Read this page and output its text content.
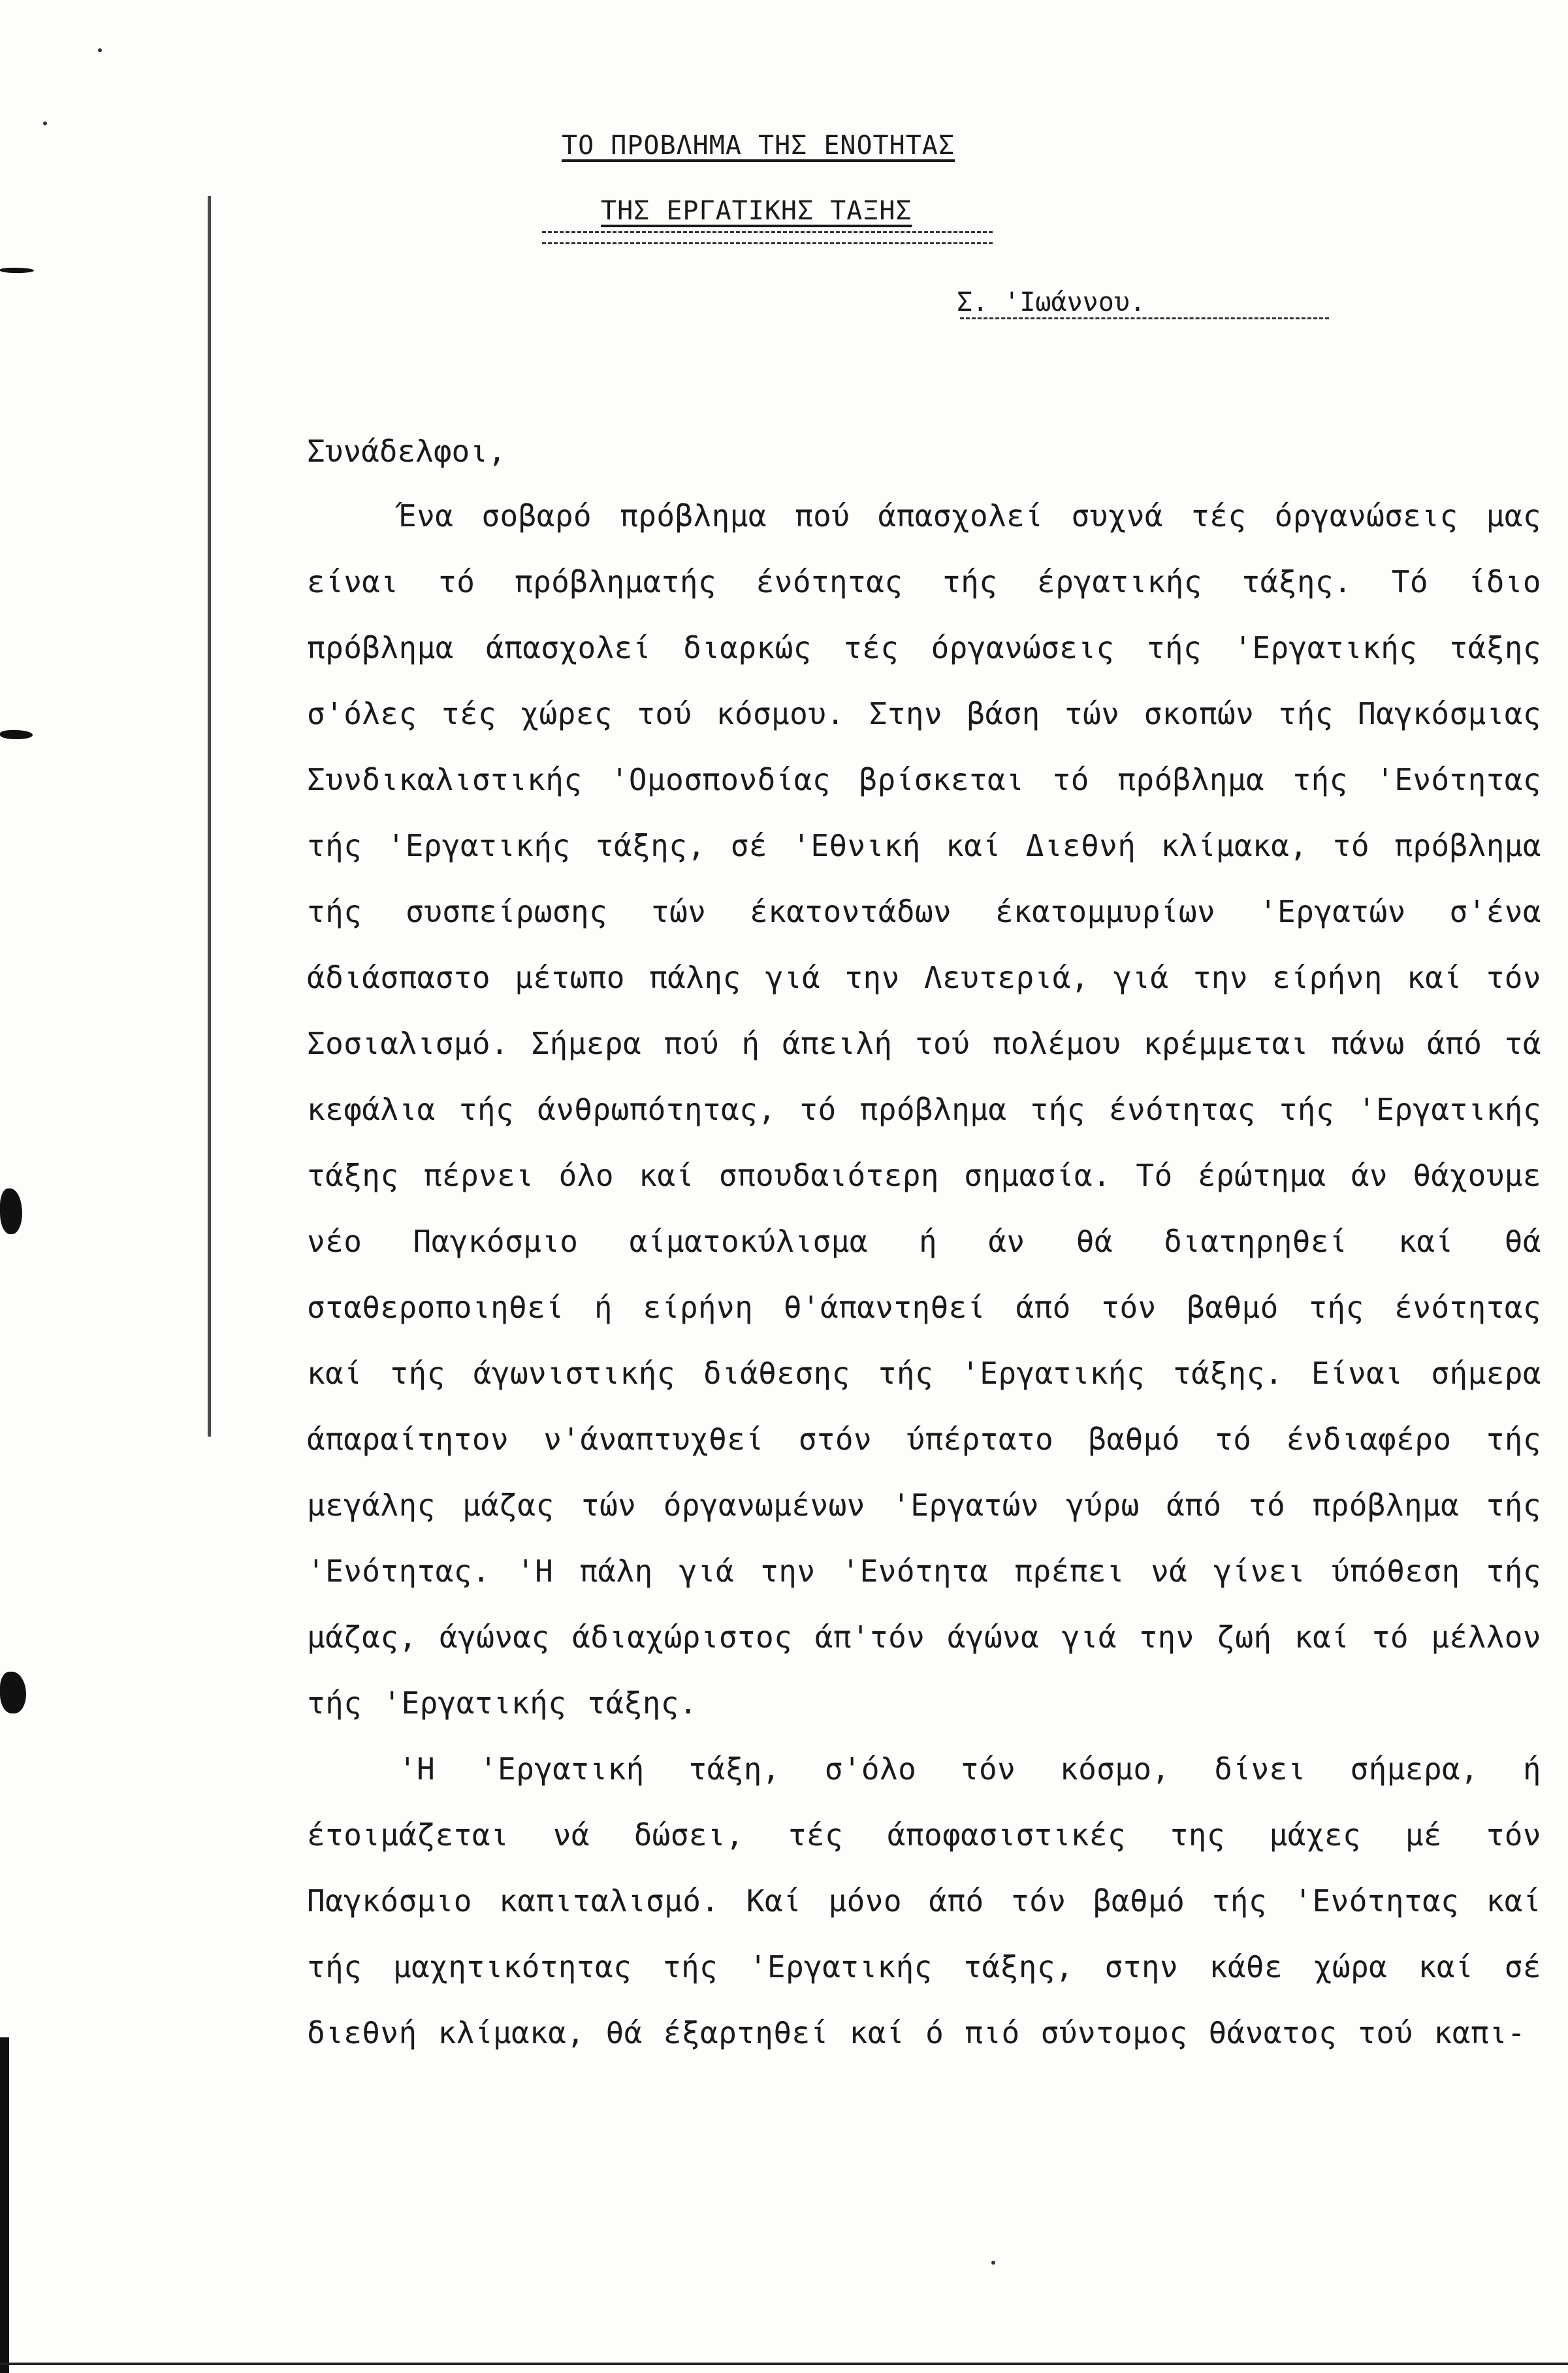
ΤΟ ΠΡΟΒΛΗΜΑ ΤΗΣ ΕΝΟΤΗΤΑΣ
ΤΗΣ ΕΡΓΑΤΙΚΗΣ ΤΑΞΗΣ
Σ. 'Ιωάννου.
Συνάδελφοι,

Ένα σοβαρό πρόβλημα πού άπασχολεί συχνά τές όργανώσεις μας είναι τό πρόβληματής ένότητας τής έργατικής τάξης. Τό ίδιο πρόβλημα άπασχολεί διαρκώς τές όργανώσεις τής 'Εργατικής τάξης σ'όλες τές χώρες τού κόσμου. Στην βάση τών σκοπών τής Παγκόσμιας Συνδικαλιστικής 'Ομοσπονδίας βρίσκεται τό πρόβλημα τής 'Ενότητας τής 'Εργατικής τάξης, σέ 'Εθνική καί Διεθνή κλίμακα, τό πρόβλημα τής συσπείρωσης τών έκατοντάδων έκατομμυρίων 'Εργατών σ'ένα άδιάσπαστο μέτωπο πάλης γιά την Λευτεριά, γιά την είρήνη καί τόν Σοσιαλισμό. Σήμερα πού ή άπειλή τού πολέμου κρέμμεται πάνω άπό τά κεφάλια τής άνθρωπότητας, τό πρόβλημα τής ένότητας τής 'Εργατικής τάξης πέρνει όλο καί σπουδαιότερη σημασία. Τό έρώτημα άν θάχουμε νέο Παγκόσμιο αίματοκύλισμα ή άν θά διατηρηθεί καί θά σταθεροποιηθεί ή είρήνη θ'άπαντηθεί άπό τόν βαθμό τής ένότητας καί τής άγωνιστικής διάθεσης τής 'Εργατικής τάξης. Είναι σήμερα άπαραίτητον ν'άναπτυχθεί στόν ύπέρτατο βαθμό τό ένδιαφέρο τής μεγάλης μάζας τών όργανωμένων 'Εργατών γύρω άπό τό πρόβλημα τής 'Ενότητας. 'Η πάλη γιά την 'Ενότητα πρέπει νά γίνει ύπόθεση τής μάζας, άγώνας άδιαχώριστος άπ'τόν άγώνα γιά την ζωή καί τό μέλλον τής 'Εργατικής τάξης.

'Η 'Εργατική τάξη, σ'όλο τόν κόσμο, δίνει σήμερα, ή έτοιμάζεται νά δώσει, τές άποφασιστικές της μάχες μέ τόν Παγκόσμιο καπιταλισμό. Καί μόνο άπό τόν βαθμό τής 'Ενότητας καί τής μαχητικότητας τής 'Εργατικής τάξης, στην κάθε χώρα καί σέ διεθνή κλίμακα, θά έξαρτηθεί καί ό πιό σύντομος θάνατος τού καπι-
